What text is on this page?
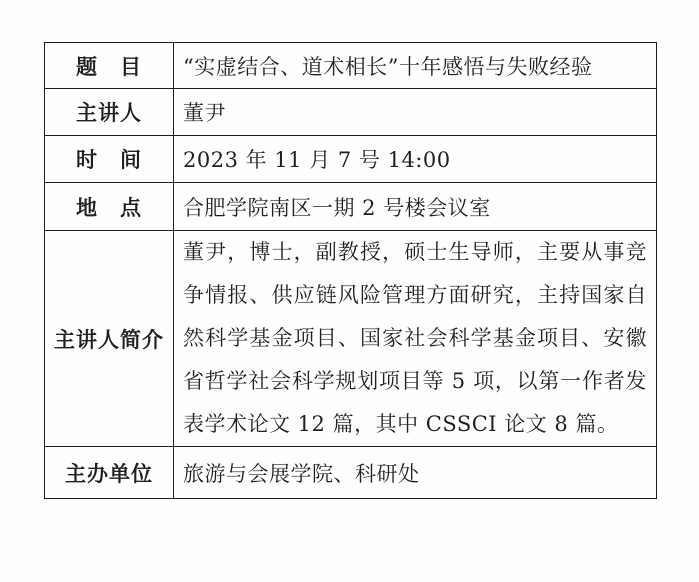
题　目	“实虚结合、道术相长”十年感悟与失败经验
主讲人	董尹
时　间	2023 年 11 月 7 号 14:00
地　点	合肥学院南区一期 2 号楼会议室
主讲人简介	董尹，博士，副教授，硕士生导师，主要从事竞争情报、供应链风险管理方面研究，主持国家自然科学基金项目、国家社会科学基金项目、安徽省哲学社会科学规划项目等 5 项，以第一作者发表学术论文 12 篇，其中 CSSCI 论文 8 篇。
主办单位	旅游与会展学院、科研处
